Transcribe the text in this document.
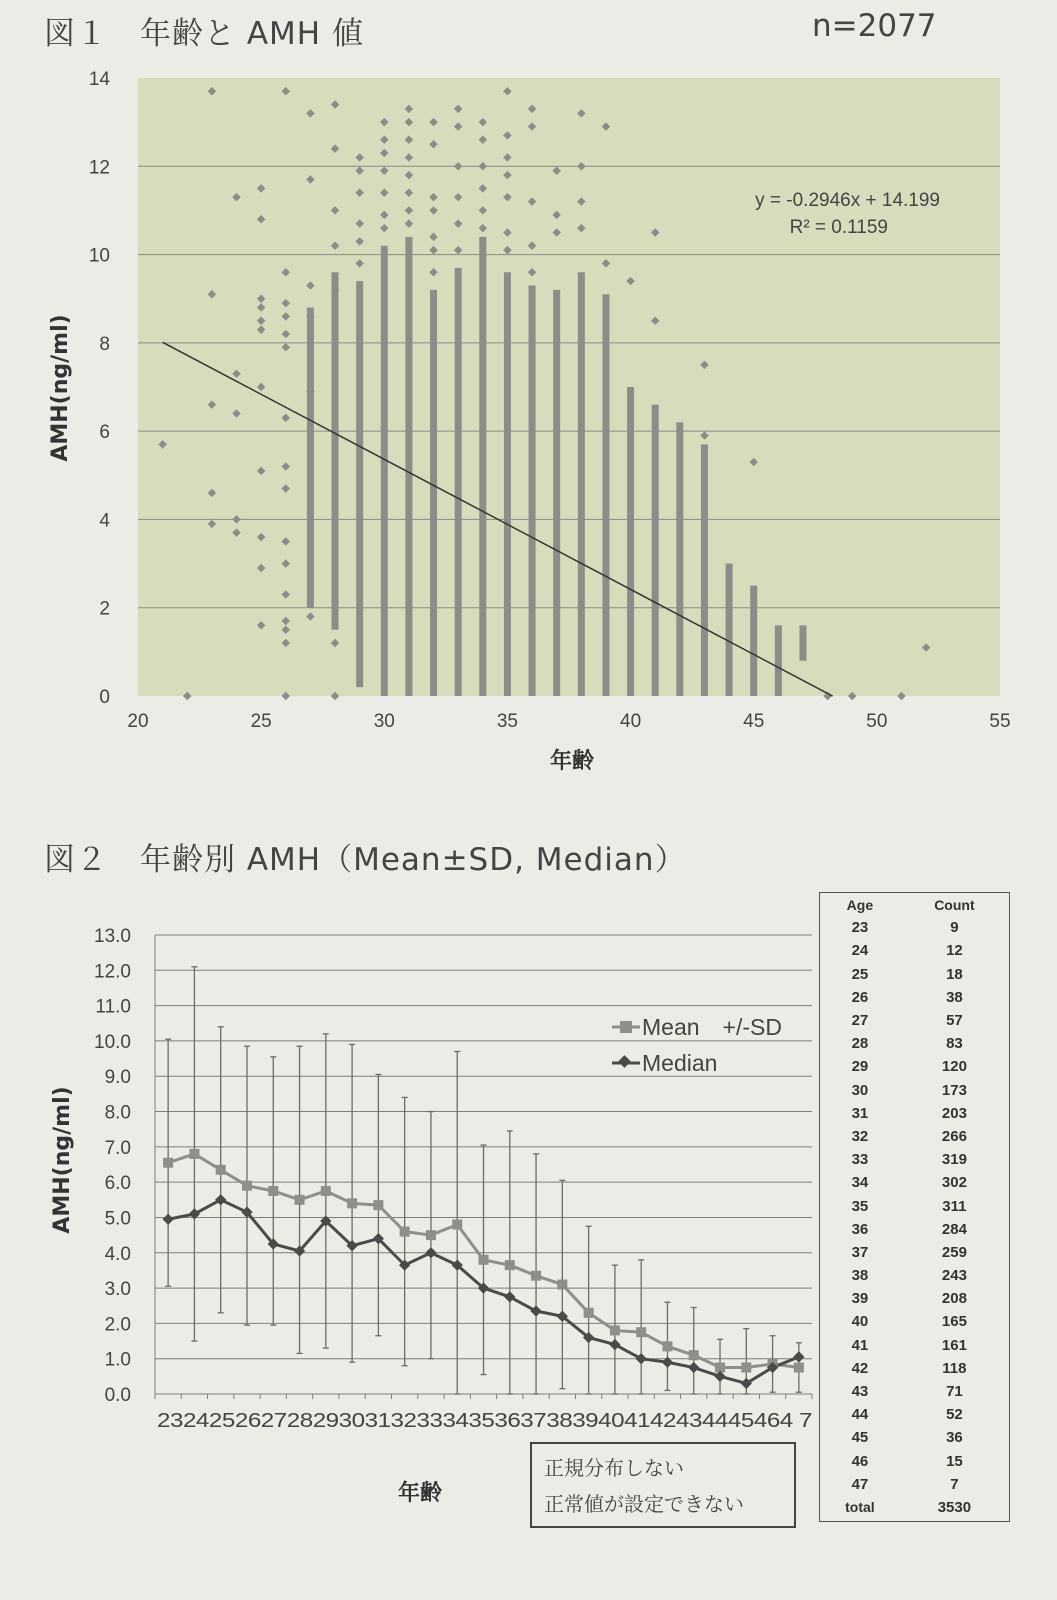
図１　年齢と AMH 値	n=2077
図２　年齢別 AMH（Mean±SD, Median）
0
2
4
6
8
10
12
14
20	25	30	35	40	45	50	55
y = -0.2946x + 14.199
R² = 0.1159
年齢
AMH(ng/ml)
0.0
1.0
2.0
3.0
4.0
5.0
6.0
7.0
8.0
9.0
10.0
11.0
12.0
13.0
2324252627282930313233343536373839404142434445464 7
年齢
AMH(ng/ml)
Mean　+/-SD
Median
正規分布しない
正常値が設定できない
Age	Count
23	9
24	12
25	18
26	38
27	57
28	83
29	120
30	173
31	203
32	266
33	319
34	302
35	311
36	284
37	259
38	243
39	208
40	165
41	161
42	118
43	71
44	52
45	36
46	15
47	7
total	3530
